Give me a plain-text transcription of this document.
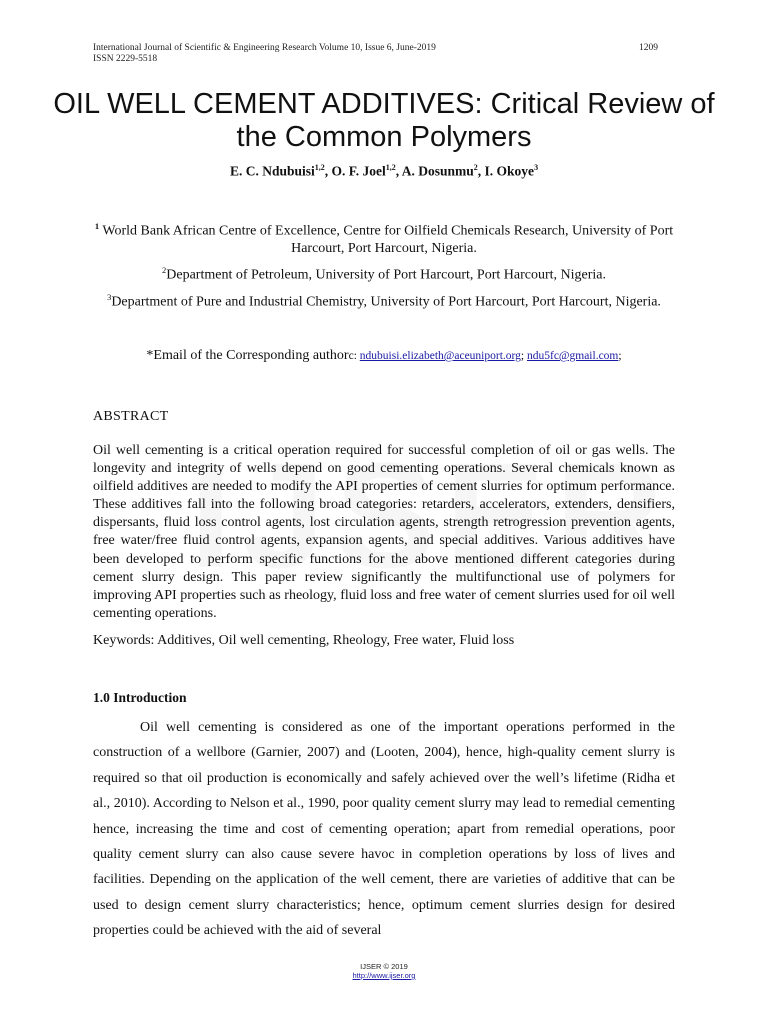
International Journal of Scientific & Engineering Research Volume 10, Issue 6, June-2019	1209
ISSN 2229-5518
OIL WELL CEMENT ADDITIVES: Critical Review of the Common Polymers
E. C. Ndubuisi$^{1,2}$, O. F. Joel$^{1,2}$, A. Dosunmu$^2$, I. Okoye$^3$
$^1$ World Bank African Centre of Excellence, Centre for Oilfield Chemicals Research, University of Port Harcourt, Port Harcourt, Nigeria.
$^2$Department of Petroleum, University of Port Harcourt, Port Harcourt, Nigeria.
$^3$Department of Pure and Industrial Chemistry, University of Port Harcourt, Port Harcourt, Nigeria.
*Email of the Corresponding authorc: ndubuisi.elizabeth@aceuniport.org; ndu5fc@gmail.com;
ABSTRACT

Oil well cementing is a critical operation required for successful completion of oil or gas wells. The longevity and integrity of wells depend on good cementing operations. Several chemicals known as oilfield additives are needed to modify the API properties of cement slurries for optimum performance. These additives fall into the following broad categories: retarders, accelerators, extenders, densifiers, dispersants, fluid loss control agents, lost circulation agents, strength retrogression prevention agents, free water/free fluid control agents, expansion agents, and special additives. Various additives have been developed to perform specific functions for the above mentioned different categories during cement slurry design. This paper review significantly the multifunctional use of polymers for improving API properties such as rheology, fluid loss and free water of cement slurries used for oil well cementing operations.

Keywords: Additives, Oil well cementing, Rheology, Free water, Fluid loss
1.0 Introduction

Oil well cementing is considered as one of the important operations performed in the construction of a wellbore (Garnier, 2007) and (Looten, 2004), hence, high-quality cement slurry is required so that oil production is economically and safely achieved over the well’s lifetime (Ridha et al., 2010). According to Nelson et al., 1990, poor quality cement slurry may lead to remedial cementing hence, increasing the time and cost of cementing operation; apart from remedial operations, poor quality cement slurry can also cause severe havoc in completion operations by loss of lives and facilities. Depending on the application of the well cement, there are varieties of additive that can be used to design cement slurry characteristics; hence, optimum cement slurries design for desired properties could be achieved with the aid of several

IJSER © 2019
http://www.ijser.org
